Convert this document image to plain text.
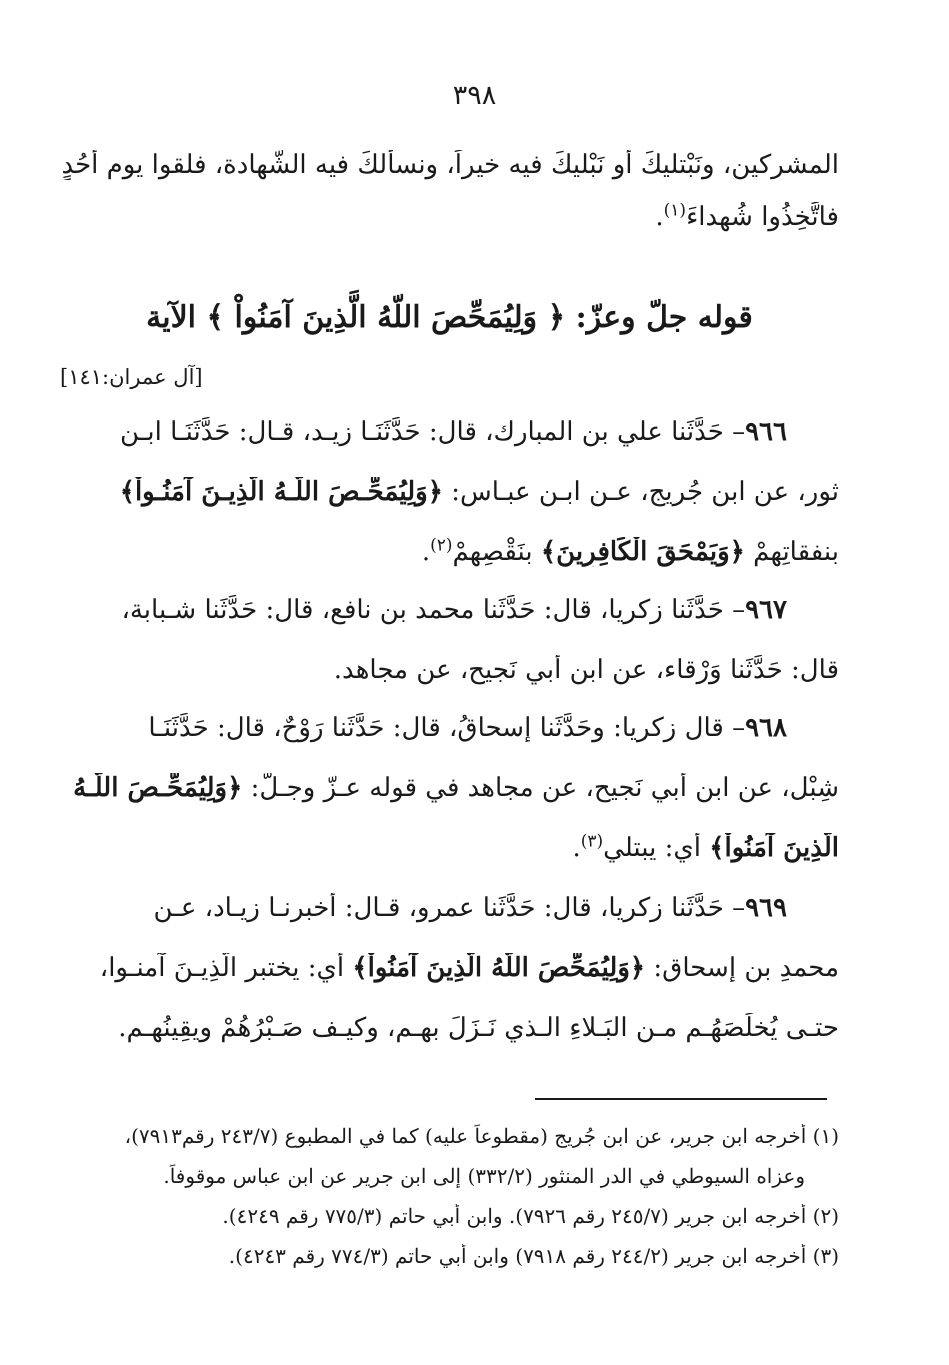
٣٩٨
المشركين، ونَبْتليكَ أو نَبْليكَ فيه خيراً، ونسألكَ فيه الشَّهادة، فلقوا يوم أُحُدٍ
فاتَّخِذُوا شُهداءَ$^{(١)}$.
قوله جلّ وعزّ: ﴿ وَلِيُمَحِّصَ اللّهُ الَّذِينَ آمَنُواْ ﴾ الآية
[آل عمران:١٤١]
٩٦٦– حَدَّثَنا علي بن المبارك، قال: حَدَّثَنَـا زيـد، قـال: حَدَّثَنَـا ابـن
ثور، عن ابن جُريج، عـن ابـنِ عبـاس: ﴿وَلِيُمَحِّـصَ اللّـهُ الَّذِيـنَ آمَنُـواْ﴾
بنفقاتِهِمْ ﴿وَيَمْحَقَ الْكَافِرِينَ﴾ بنَقْصِهِمْ$^{(٢)}$.
٩٦٧– حَدَّثَنا زكريا، قال: حَدَّثَنا محمد بن نافع، قال: حَدَّثَنا شـبابة،
قال: حَدَّثَنا وَرْقاء، عن ابن أبي نَجيح، عن مجاهد.
٩٦٨– قال زكريا: وحَدَّثَنا إسحاقُ، قال: حَدَّثَنا رَوْحٌ، قال: حَدَّثَنَـا
شِبْل، عن ابنِ أبي نَجيح، عن مجاهد في قوله عـزّ وجـلّ: ﴿وَلِيُمَحِّـصَ اللّـهُ
الَّذِينَ آمَنُواْ﴾ أي: يبتلي$^{(٣)}$.
٩٦٩– حَدَّثَنا زكريا، قال: حَدَّثَنا عمرو، قـال: أخبرنـا زيـاد، عـن
محمدِ بن إسحاق: ﴿وَلِيُمَحِّصَ اللّهُ الَّذِينَ آمَنُواْ﴾ أي: يختبر الَّذِيـنَ آمنـوا،
حتـى يُخلِّصَهُـم مـن البَـلاءِ الـذي نَـزَلَ بهـم، وكيـف صَـبْرُهُمْ ويقِينُهـم.
(١) أخرجه ابن جرير، عن ابن جُريج (مقطوعاً عليه) كما في المطبوع (٢٤٣/٧ رقم٧٩١٣)،
وعزاه السيوطي في الدر المنثور (٣٣٢/٢) إلى ابن جرير عن ابن عباس موقوفاً.
(٢) أخرجه ابن جرير (٢٤٥/٧ رقم ٧٩٢٦). وابن أبي حاتم (٧٧٥/٣ رقم ٤٢٤٩).
(٣) أخرجه ابن جرير (٢٤٤/٢ رقم ٧٩١٨) وابن أبي حاتم (٧٧٤/٣ رقم ٤٢٤٣).
